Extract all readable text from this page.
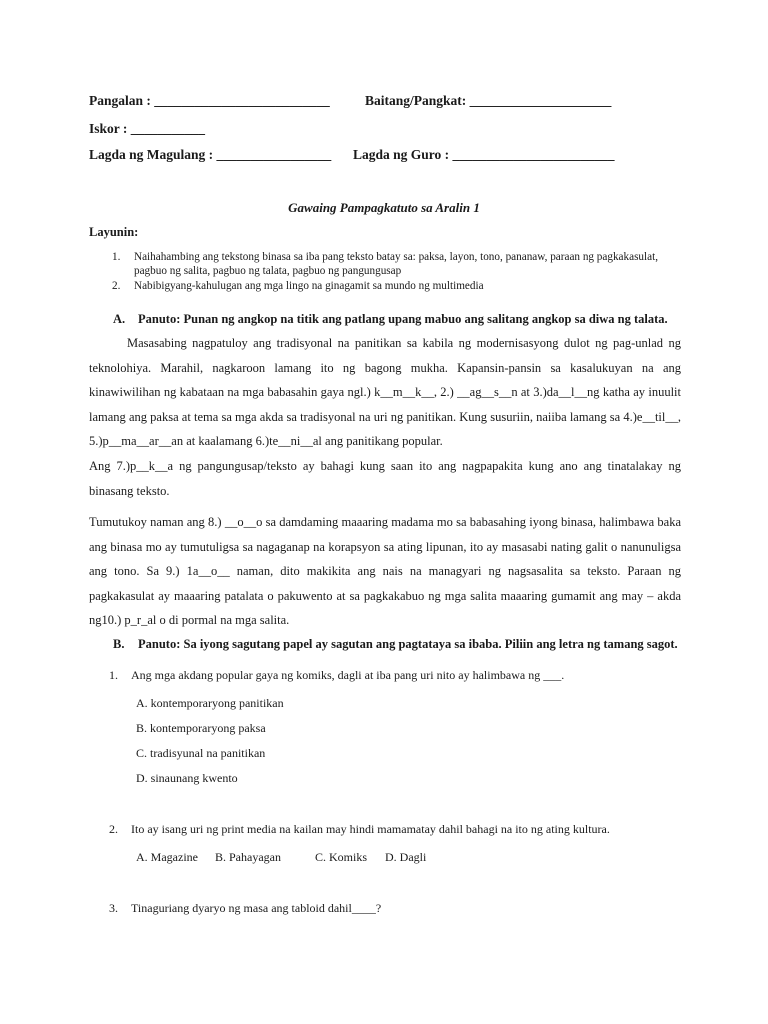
Pangalan : __________________________	Baitang/Pangkat: _____________________
Iskor : ___________
Lagda ng Magulang : _________________ Lagda ng Guro : ________________________
Gawaing Pampagkatuto sa Aralin 1
Layunin:
1. Naihahambing ang tekstong binasa sa iba pang teksto batay sa: paksa, layon, tono, pananaw, paraan ng pagkakasulat,
pagbuo ng salita, pagbuo ng talata, pagbuo ng pangungusap
2. Nabibigyang-kahulugan ang mga lingo na ginagamit sa mundo ng multimedia
A. Panuto: Punan ng angkop na titik ang patlang upang mabuo ang salitang angkop sa diwa ng talata.

Masasabing nagpatuloy ang tradisyonal na panitikan sa kabila ng modernisasyong dulot ng pag-unlad ng teknolohiya. Marahil, nagkaroon lamang ito ng bagong mukha. Kapansin-pansin sa kasalukuyan na ang kinawiwilihan ng kabataan na mga babasahin gaya ngl.) k__m__k__, 2.) __ag__s__n at 3.)da__l__ng katha ay inuulit lamang ang paksa at tema sa mga akda sa tradisyonal na uri ng panitikan. Kung susuriin, naiiba lamang sa 4.)e__til__, 5.)p__ma__ar__an at kaalamang 6.)te__ni__al ang panitikang popular.

Ang 7.)p__k__a ng pangungusap/teksto ay bahagi kung saan ito ang nagpapakita kung ano ang tinatalakay ng binasang teksto.

Tumutukoy naman ang 8.) __o__o sa damdaming maaaring madama mo sa babasahing iyong binasa, halimbawa baka ang binasa mo ay tumutuligsa sa nagaganap na korapsyon sa ating lipunan, ito ay masasabi nating galit o nanunuligsa ang tono. Sa 9.) 1a__o__ naman, dito makikita ang nais na managyari ng nagsasalita sa teksto. Paraan ng pagkakasulat ay maaaring patalata o pakuwento at sa pagkakabuo ng mga salita maaaring gumamit ang may – akda ng10.) p_r_al o di pormal na mga salita.

B. Panuto: Sa iyong sagutang papel ay sagutan ang pagtataya sa ibaba. Piliin ang letra ng tamang sagot.
1. Ang mga akdang popular gaya ng komiks, dagli at iba pang uri nito ay halimbawa ng ___.
A. kontemporaryong panitikan
B. kontemporaryong paksa
C. tradisyunal na panitikan
D. sinaunang kwento
2. Ito ay isang uri ng print media na kailan may hindi mamamatay dahil bahagi na ito ng ating kultura.
A. Magazine B. Pahayagan	C. Komiks D. Dagli
3. Tinaguriang dyaryo ng masa ang tabloid dahil____?
